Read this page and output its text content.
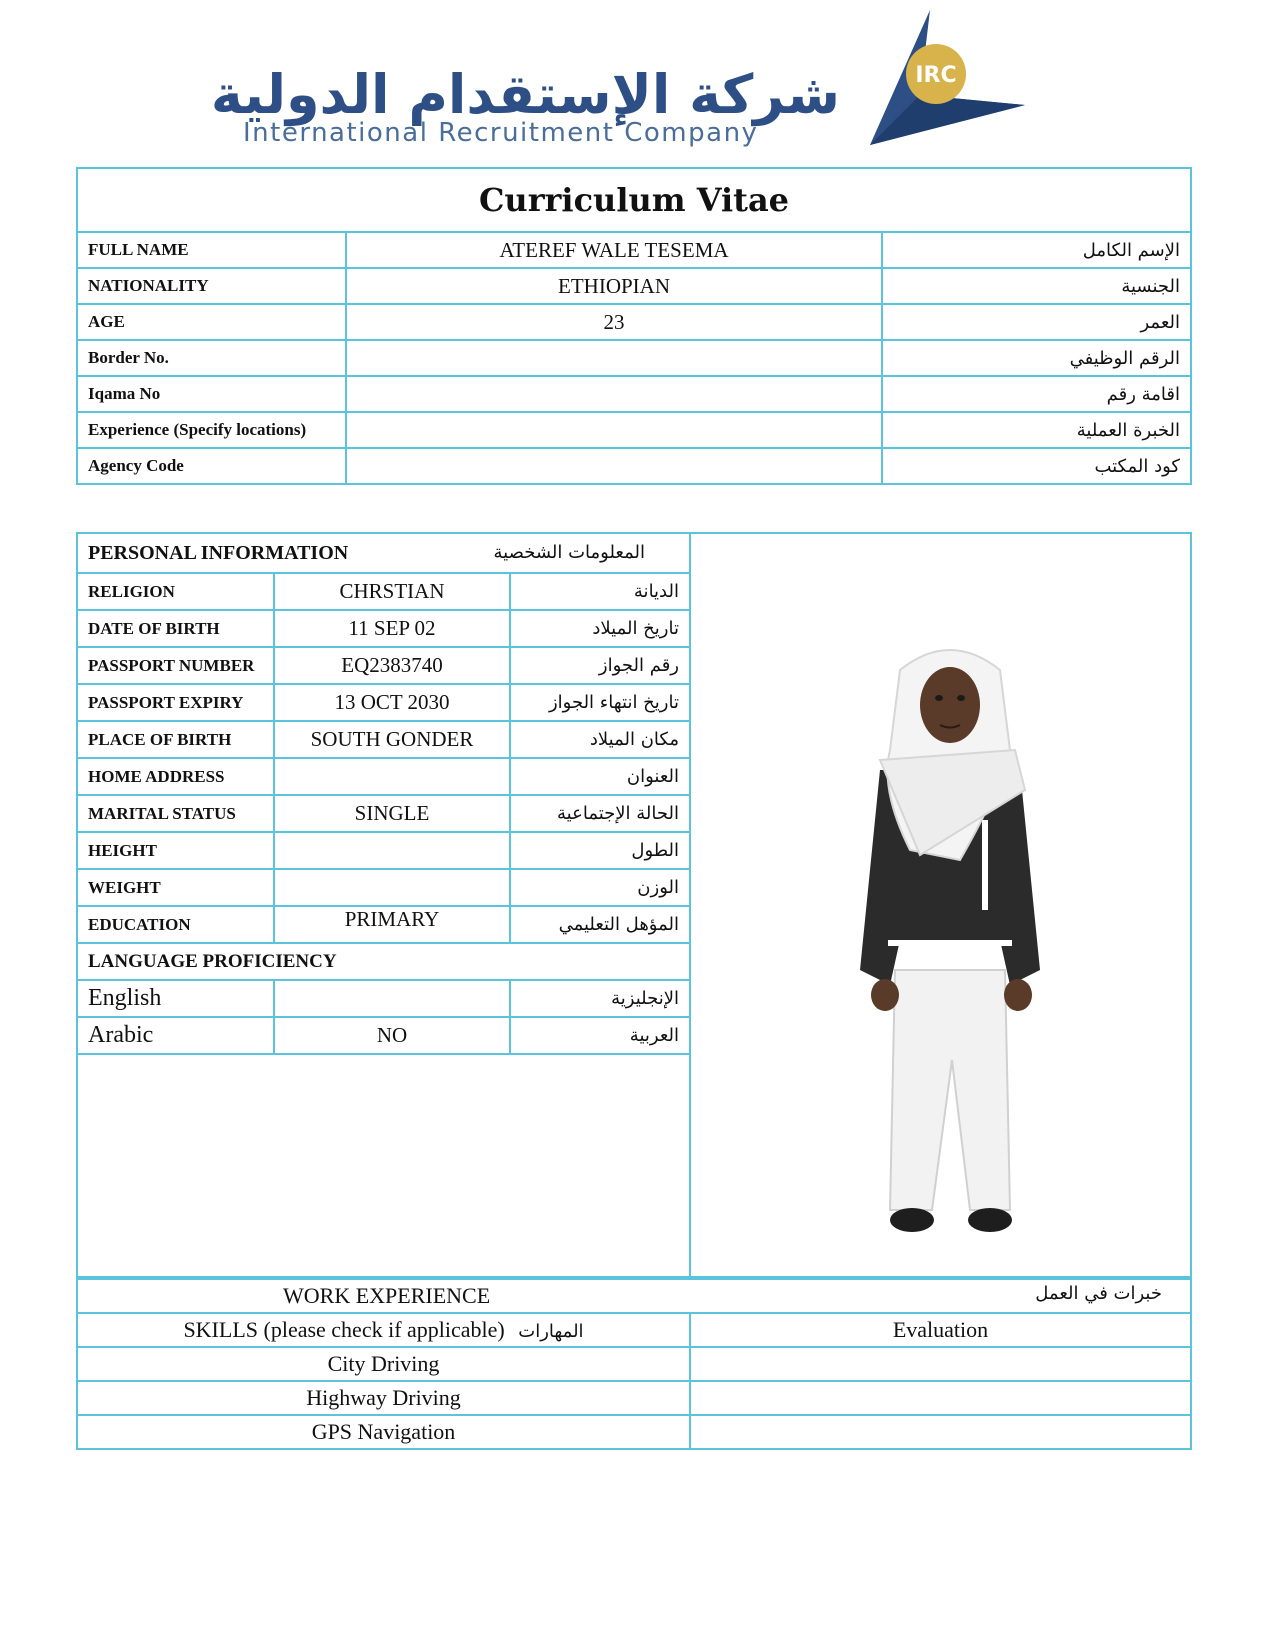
شركة الإستقدام الدولية
International Recruitment Company
IRC
Curriculum Vitae		
FULL NAME	ATEREF WALE TESEMA	الإسم الكامل
NATIONALITY	ETHIOPIAN	الجنسية
AGE	23	العمر
Border No.		الرقم الوظيفي
Iqama No		اقامة رقم
Experience (Specify locations)		الخبرة العملية
Agency Code		كود المكتب
PERSONAL INFORMATION المعلومات الشخصية		

RELIGION	CHRSTIAN	الديانة
DATE OF BIRTH	11 SEP 02	تاريخ الميلاد
PASSPORT NUMBER	EQ2383740	رقم الجواز
PASSPORT EXPIRY	13 OCT 2030	تاريخ انتهاء الجواز
PLACE OF BIRTH	SOUTH GONDER	مكان الميلاد
HOME ADDRESS		العنوان
MARITAL STATUS	SINGLE	الحالة الإجتماعية
HEIGHT		الطول
WEIGHT		الوزن
EDUCATION	PRIMARY	المؤهل التعليمي
LANGUAGE PROFICIENCY		
English		الإنجليزية
Arabic	NO	العربية
WORK EXPERIENCE خبرات في العمل	

SKILLS (please check if applicable) المهارات	Evaluation
City Driving	
Highway Driving	
GPS Navigation	
